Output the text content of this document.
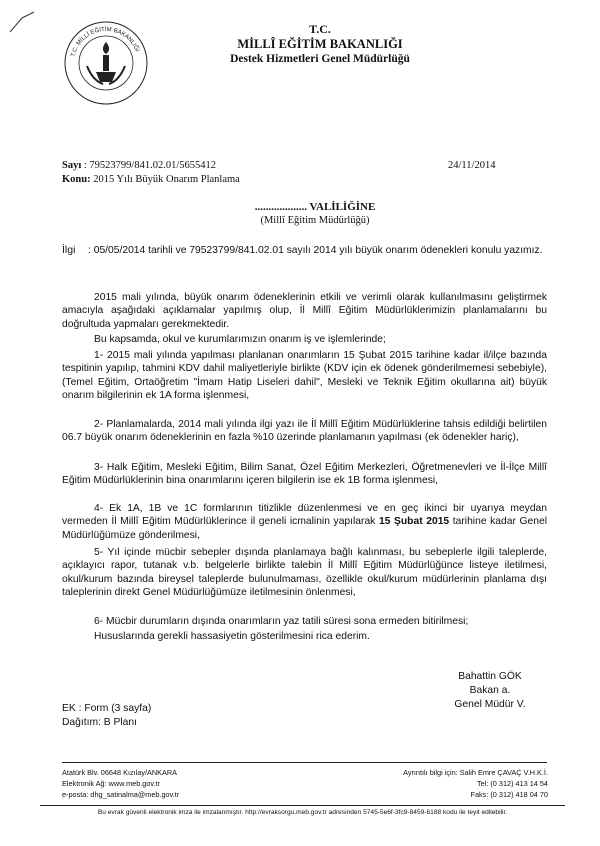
T.C. MİLLÎ EĞİTİM BAKANLIĞI
T.C.
MİLLÎ EĞİTİM BAKANLIĞI
Destek Hizmetleri Genel Müdürlüğü
Sayı : 79523799/841.02.01/5655412	24/11/2014
Konu: 2015 Yılı Büyük Onarım Planlama
................... VALİLİĞİNE
(Millî Eğitim Müdürlüğü)
İlgi : 05/05/2014 tarihli ve 79523799/841.02.01 sayılı 2014 yılı büyük onarım ödenekleri konulu yazımız.

2015 mali yılında, büyük onarım ödeneklerinin etkili ve verimli olarak kullanılmasını geliştirmek amacıyla aşağıdaki açıklamalar yapılmış olup, İl Millî Eğitim Müdürlüklerimizin planlamalarını bu doğrultuda yapmaları gerekmektedir.

Bu kapsamda, okul ve kurumlarımızın onarım iş ve işlemlerinde;

1- 2015 mali yılında yapılması planlanan onarımların 15 Şubat 2015 tarihine kadar il/ilçe bazında tespitinin yapılıp, tahmini KDV dahil maliyetleriyle birlikte (KDV için ek ödenek gönderilmemesi sebebiyle), (Temel Eğitim, Ortaöğretim "İmam Hatip Liseleri dahil", Mesleki ve Teknik Eğitim okullarına ait) büyük onarım bilgilerinin ek 1A forma işlenmesi,

2- Planlamalarda, 2014 mali yılında ilgi yazı ile İl Millî Eğitim Müdürlüklerine tahsis edildiği belirtilen 06.7 büyük onarım ödeneklerinin en fazla %10 üzerinde planlamanın yapılması (ek ödenekler hariç),

3- Halk Eğitim, Mesleki Eğitim, Bilim Sanat, Özel Eğitim Merkezleri, Öğretmenevleri ve İl-İlçe Millî Eğitim Müdürlüklerinin bina onarımlarını içeren bilgilerin ise ek 1B forma işlenmesi,

4- Ek 1A, 1B ve 1C formlarının titizlikle düzenlenmesi ve en geç ikinci bir uyarıya meydan vermeden İl Millî Eğitim Müdürlüklerince il geneli icmalinin yapılarak 15 Şubat 2015 tarihine kadar Genel Müdürlüğümüze gönderilmesi,

5- Yıl içinde mücbir sebepler dışında planlamaya bağlı kalınması, bu sebeplerle ilgili taleplerde, açıklayıcı rapor, tutanak v.b. belgelerle birlikte talebin İl Millî Eğitim Müdürlüğünce listeye iletilmesi, okul/kurum bazında bireysel taleplerde bulunulmaması, özellikle okul/kurum müdürlerinin planlama dışı taleplerinin direkt Genel Müdürlüğümüze iletilmesinin önlenmesi,

6- Mücbir durumların dışında onarımların yaz tatili süresi sona ermeden bitirilmesi;

Hususlarında gerekli hassasiyetin gösterilmesini rica ederim.

Bahattin GÖK
Bakan a.
Genel Müdür V.
EK : Form (3 sayfa)
Dağıtım: B Planı
Atatürk Blv. 06648 Kızılay/ANKARA
Elektronik Ağ: www.meb.gov.tr
e-posta: dhg_satinalma@meb.gov.tr
Ayrıntılı bilgi için: Salih Emre ÇAVAÇ V.H.K.İ.
Tel: (0 312) 413 14 54
Faks: (0 312) 418 04 70
Bu evrak güvenli elektronik imza ile imzalanmıştır. http://evraksorgu.meb.gov.tr adresinden 5745-5e6f-3fc9-8459-6188 kodu ile teyit edilebilir.
